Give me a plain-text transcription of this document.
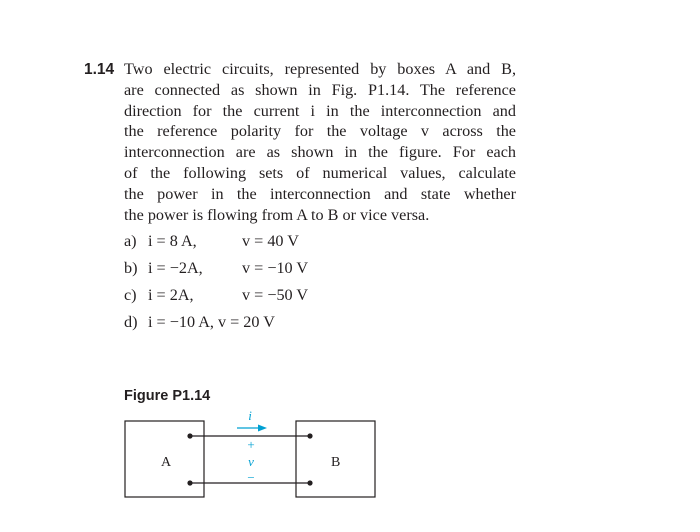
1.14 Two electric circuits, represented by boxes A and B,
are connected as shown in Fig. P1.14. The reference
direction for the current i in the interconnection and
the reference polarity for the voltage v across the
interconnection are as shown in the figure. For each
of the following sets of numerical values, calculate
the power in the interconnection and state whether
the power is flowing from A to B or vice versa.
a) i = 8 A,	v = 40 V
b) i = −2A, v = −10 V
c) i = 2A,	v = −50 V
d) i = −10 A, v = 20 V
Figure P1.14
A	B
i
+
v
−
